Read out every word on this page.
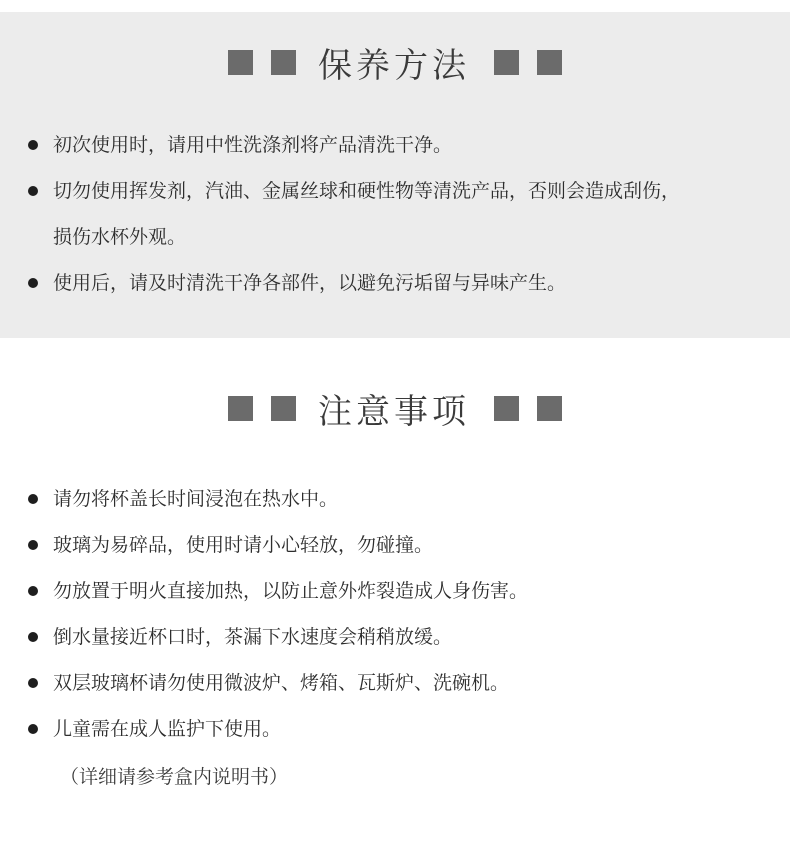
保养方法
初次使用时，请用中性洗涤剂将产品清洗干净。
切勿使用挥发剂，汽油、金属丝球和硬性物等清洗产品，否则会造成刮伤，
损伤水杯外观。
使用后，请及时清洗干净各部件，以避免污垢留与异味产生。
注意事项
请勿将杯盖长时间浸泡在热水中。
玻璃为易碎品，使用时请小心轻放，勿碰撞。
勿放置于明火直接加热，以防止意外炸裂造成人身伤害。
倒水量接近杯口时，茶漏下水速度会稍稍放缓。
双层玻璃杯请勿使用微波炉、烤箱、瓦斯炉、洗碗机。
儿童需在成人监护下使用。
（详细请参考盒内说明书）
